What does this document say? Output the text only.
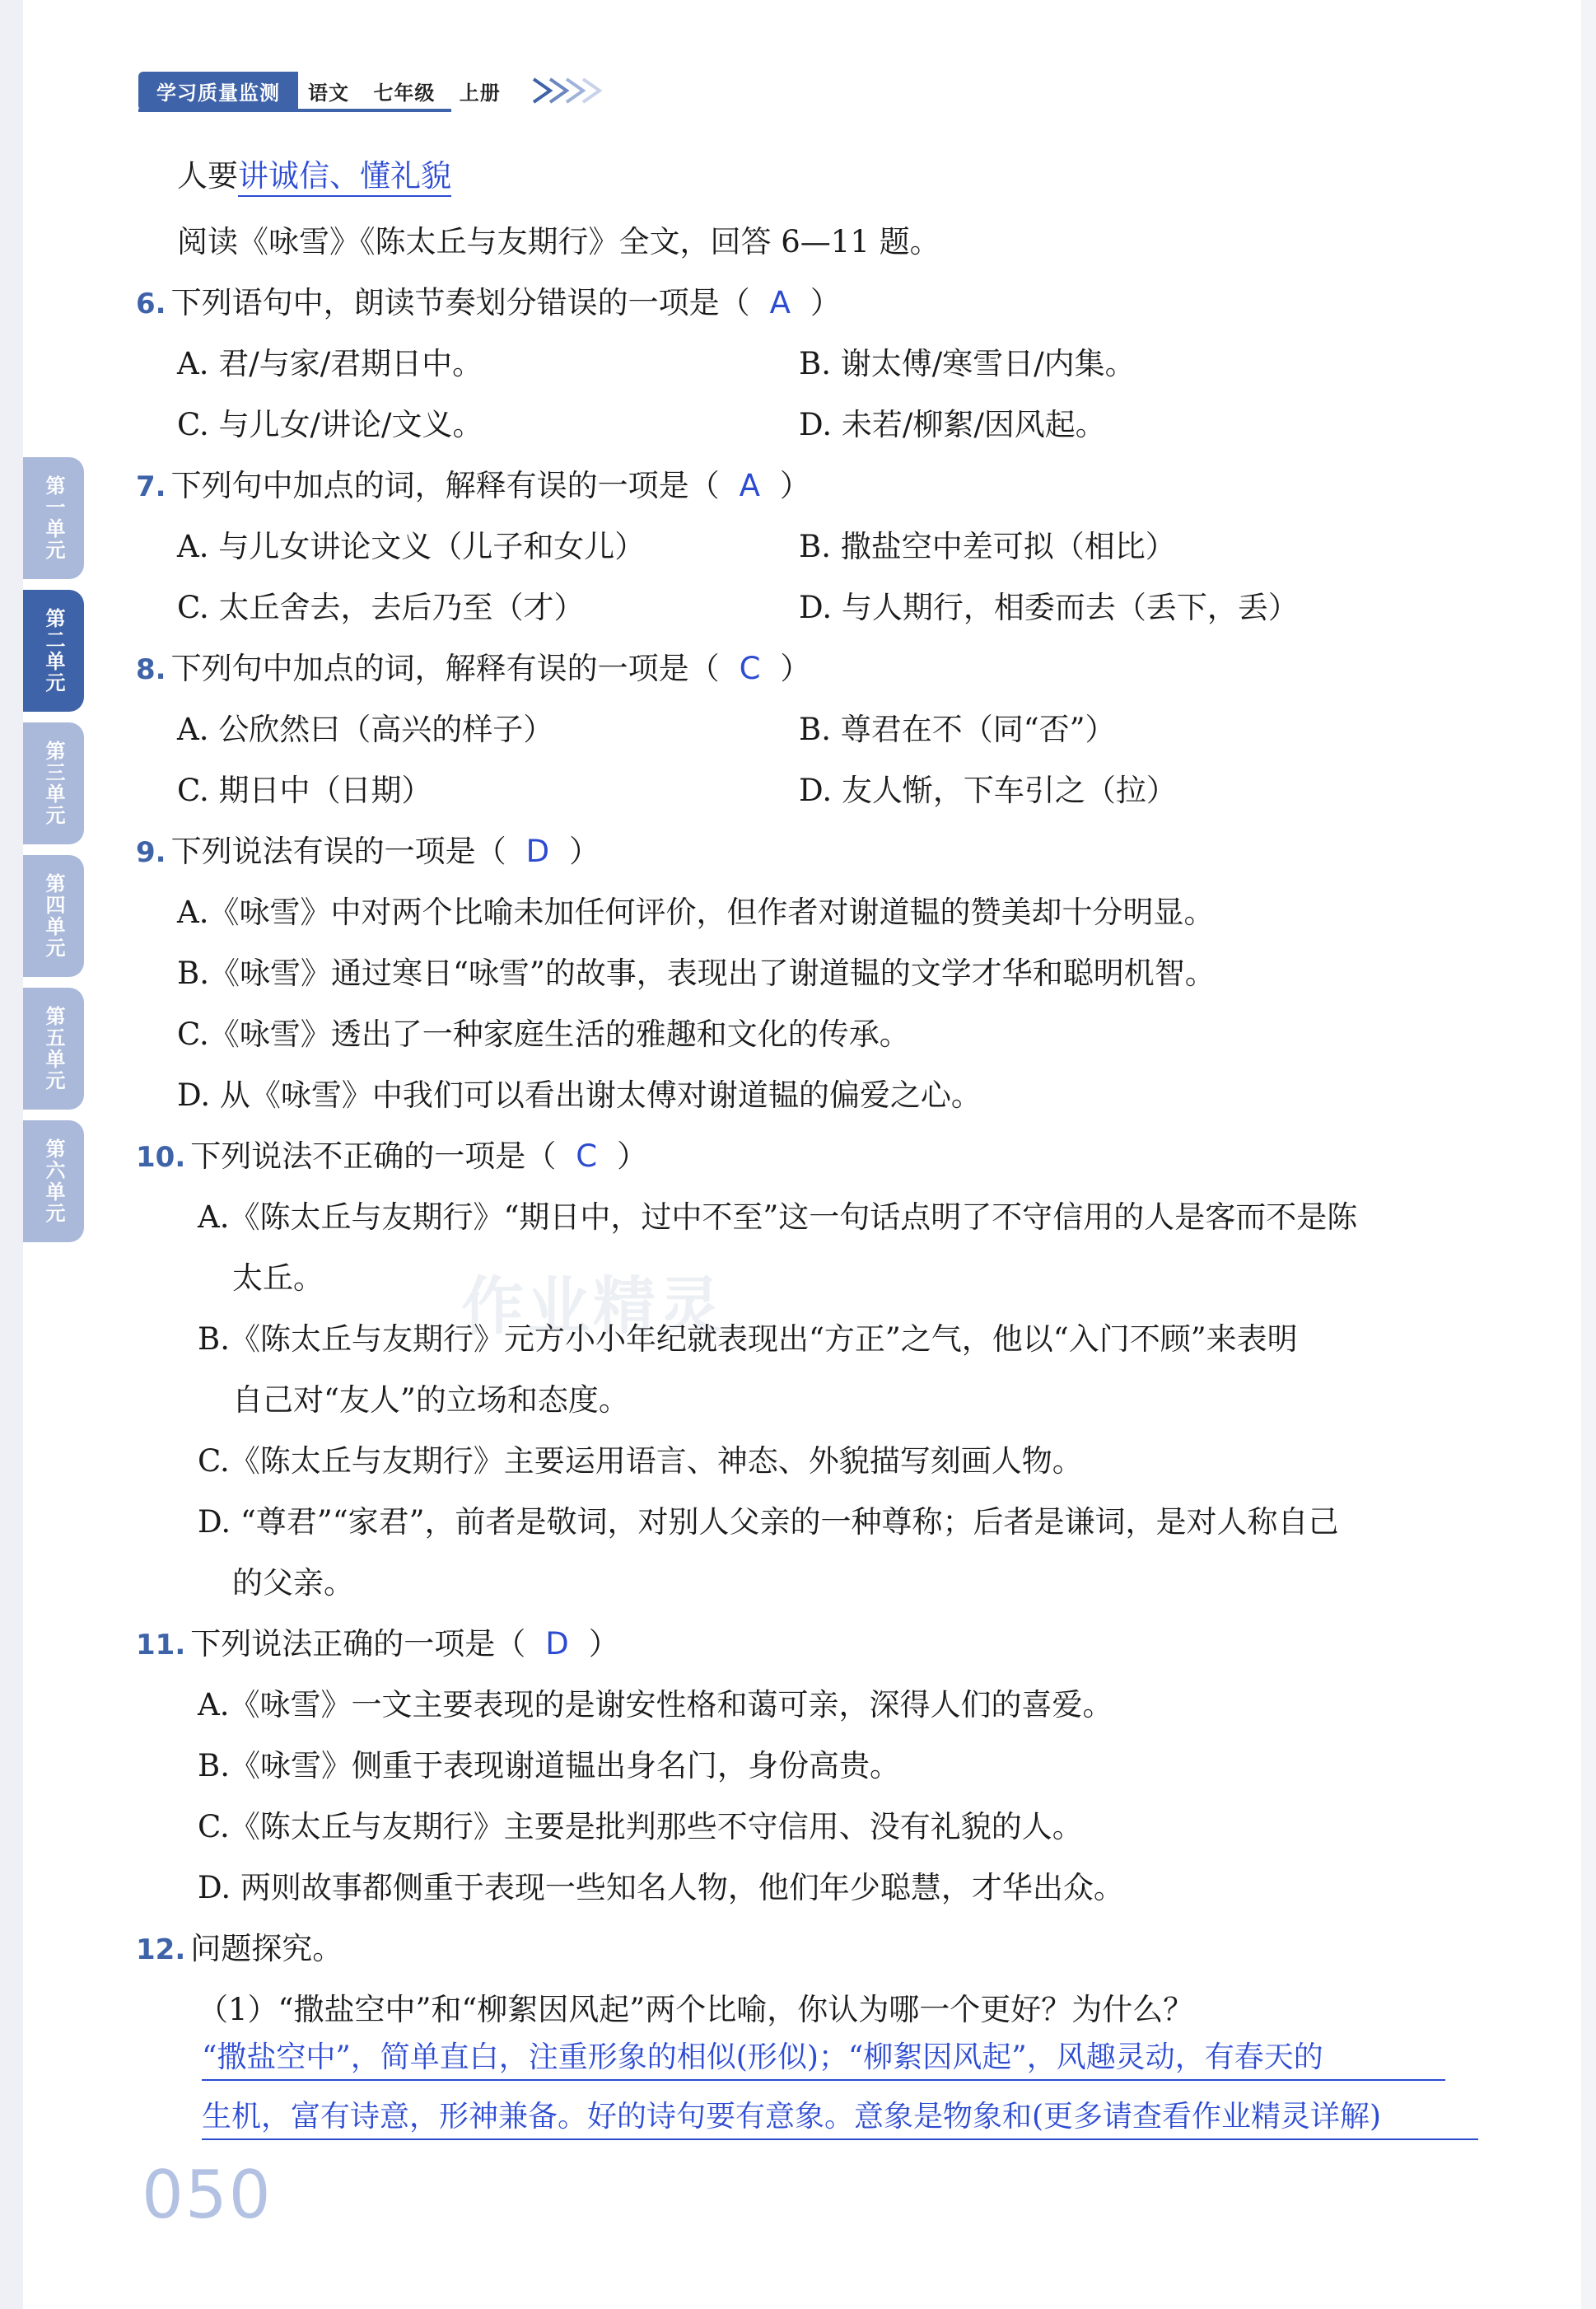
学习质量监测	语文 七年级 上册
第一单元
第二单元
第三单元
第四单元
第五单元
第六单元
作业精灵
人要讲诚信、懂礼貌
阅读《咏雪》《陈太丘与友期行》全文，回答 6—11 题。
6. 下列语句中，朗读节奏划分错误的一项是（ A ）
A. 君/与家/君期日中。	B. 谢太傅/寒雪日/内集。
C. 与儿女/讲论/文义。	D. 未若/柳絮/因风起。
7. 下列句中加点的词，解释有误的一项是（ A ）
A. 与儿女讲论文义（儿子和女儿）	B. 撒盐空中差可拟（相比）
C. 太丘舍去，去后乃至（才）	D. 与人期行，相委而去（丢下，丢）
8. 下列句中加点的词，解释有误的一项是（ C ）
A. 公欣然曰（高兴的样子）	B. 尊君在不（同“否”）
C. 期日中（日期）	D. 友人惭，下车引之（拉）
9. 下列说法有误的一项是（ D ）
A.《咏雪》中对两个比喻未加任何评价，但作者对谢道韫的赞美却十分明显。
B.《咏雪》通过寒日“咏雪”的故事，表现出了谢道韫的文学才华和聪明机智。
C.《咏雪》透出了一种家庭生活的雅趣和文化的传承。
D. 从《咏雪》中我们可以看出谢太傅对谢道韫的偏爱之心。
10. 下列说法不正确的一项是（ C ）
A.《陈太丘与友期行》“期日中，过中不至”这一句话点明了不守信用的人是客而不是陈
太丘。
B.《陈太丘与友期行》元方小小年纪就表现出“方正”之气，他以“入门不顾”来表明
自己对“友人”的立场和态度。
C.《陈太丘与友期行》主要运用语言、神态、外貌描写刻画人物。
D. “尊君”“家君”，前者是敬词，对别人父亲的一种尊称；后者是谦词，是对人称自己
的父亲。
11. 下列说法正确的一项是（ D ）
A.《咏雪》一文主要表现的是谢安性格和蔼可亲，深得人们的喜爱。
B.《咏雪》侧重于表现谢道韫出身名门，身份高贵。
C.《陈太丘与友期行》主要是批判那些不守信用、没有礼貌的人。
D. 两则故事都侧重于表现一些知名人物，他们年少聪慧，才华出众。
12. 问题探究。
（1）“撒盐空中”和“柳絮因风起”两个比喻，你认为哪一个更好？为什么？
“撒盐空中”，简单直白，注重形象的相似(形似)；“柳絮因风起”，风趣灵动，有春天的
生机，富有诗意，形神兼备。好的诗句要有意象。意象是物象和(更多请查看作业精灵详解)
050
